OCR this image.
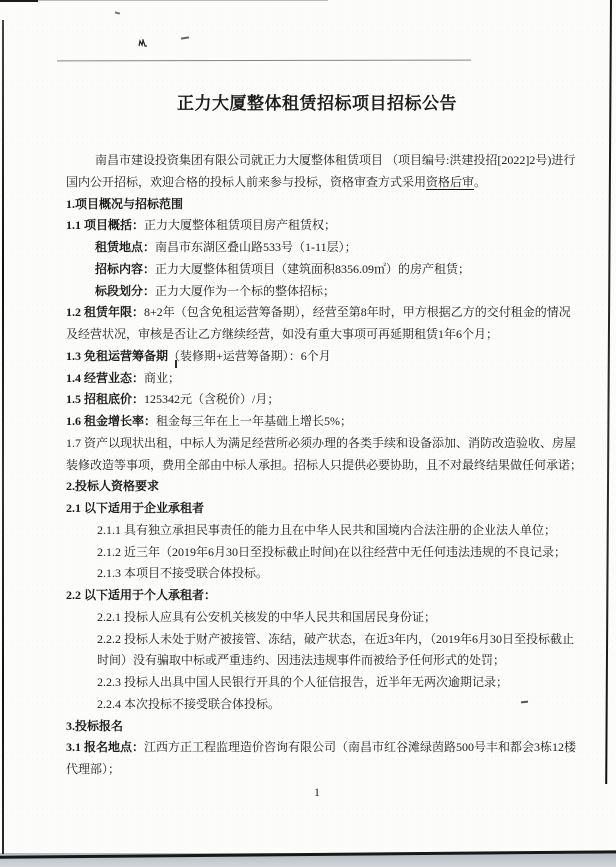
正力大厦整体租赁招标项目招标公告
南昌市建设投资集团有限公司就正力大厦整体租赁项目 （项目编号:洪建投招[2022]2号)进行
国内公开招标，欢迎合格的投标人前来参与投标，资格审查方式采用资格后审。
1.项目概况与招标范围
1.1 项目概括：正力大厦整体租赁项目房产租赁权；
租赁地点：南昌市东湖区叠山路533号（1-11层）；
招标内容：正力大厦整体租赁项目（建筑面积8356.09㎡）的房产租赁；
标段划分：正力大厦作为一个标的整体招标；
1.2 租赁年限：8+2年（包含免租运营筹备期），经营至第8年时，甲方根据乙方的交付租金的情况
及经营状况，审核是否让乙方继续经营，如没有重大事项可再延期租赁1年6个月；
1.3 免租运营筹备期（装修期+运营筹备期）：6个月
1.4 经营业态：商业；
1.5 招租底价：125342元（含税价）/月；
1.6 租金增长率：租金每三年在上一年基础上增长5%；
1.7 资产以现状出租，中标人为满足经营所必须办理的各类手续和设备添加、消防改造验收、房屋
装修改造等事项，费用全部由中标人承担。招标人只提供必要协助，且不对最终结果做任何承诺；
2.投标人资格要求
2.1 以下适用于企业承租者
2.1.1 具有独立承担民事责任的能力且在中华人民共和国境内合法注册的企业法人单位；
2.1.2 近三年（2019年6月30日至投标截止时间)在以往经营中无任何违法违规的不良记录；
2.1.3 本项目不接受联合体投标。
2.2 以下适用于个人承租者：
2.2.1 投标人应具有公安机关核发的中华人民共和国居民身份证；
2.2.2 投标人未处于财产被接管、冻结，破产状态，在近3年内，（2019年6月30日至投标截止
时间）没有骗取中标或严重违约、因违法违规事件而被给予任何形式的处罚；
2.2.3 投标人出具中国人民银行开具的个人征信报告，近半年无两次逾期记录；
2.2.4 本次投标不接受联合体投标。
3.投标报名
3.1 报名地点：江西方正工程监理造价咨询有限公司（南昌市红谷滩绿茵路500号丰和都会3栋12楼
代理部）；
1
